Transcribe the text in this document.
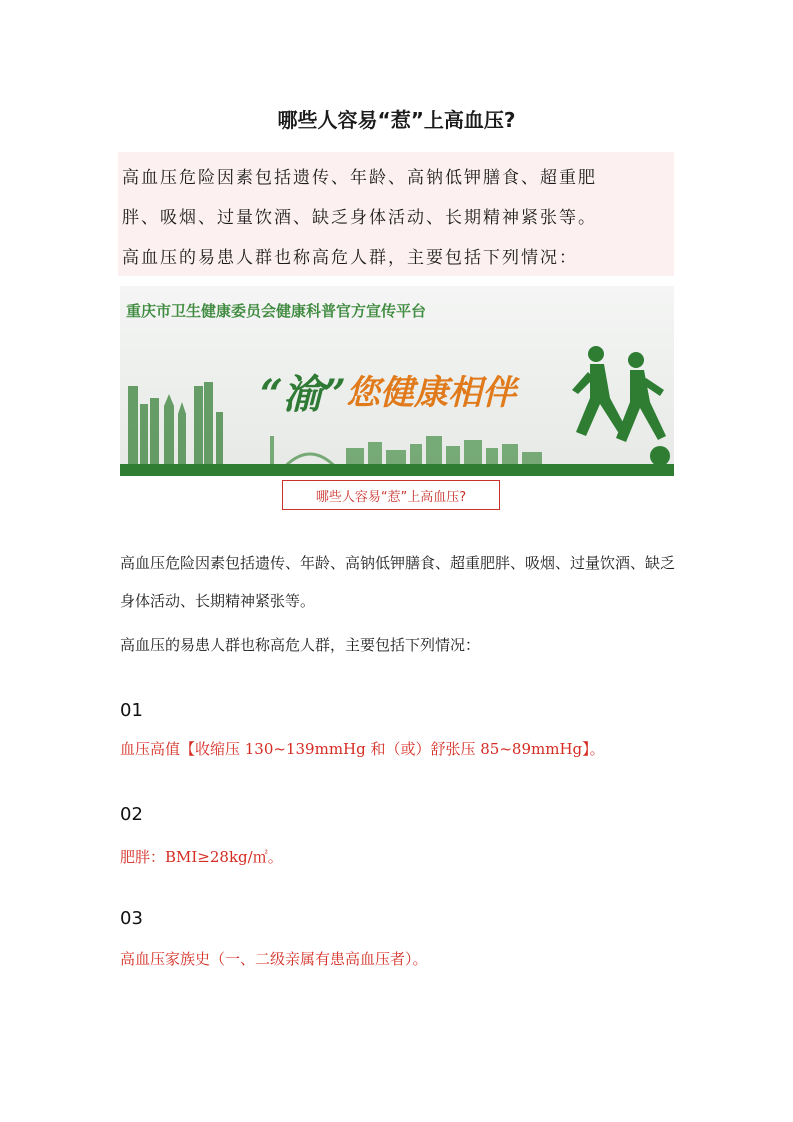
哪些人容易“惹”上高血压?
高血压危险因素包括遗传、年龄、高钠低钾膳食、超重肥
胖、吸烟、过量饮酒、缺乏身体活动、长期精神紧张等。
高血压的易患人群也称高危人群，主要包括下列情况：
重庆市卫生健康委员会健康科普官方宣传平台
“渝” 您健康相伴
哪些人容易“惹”上高血压?
高血压危险因素包括遗传、年龄、高钠低钾膳食、超重肥胖、吸烟、过量饮酒、缺乏身体活动、长期精神紧张等。
高血压的易患人群也称高危人群，主要包括下列情况：
01
血压高值【收缩压 130~139mmHg 和（或）舒张压 85~89mmHg】。
02
肥胖：BMI≥28kg/㎡。
03
高血压家族史（一、二级亲属有患高血压者）。
